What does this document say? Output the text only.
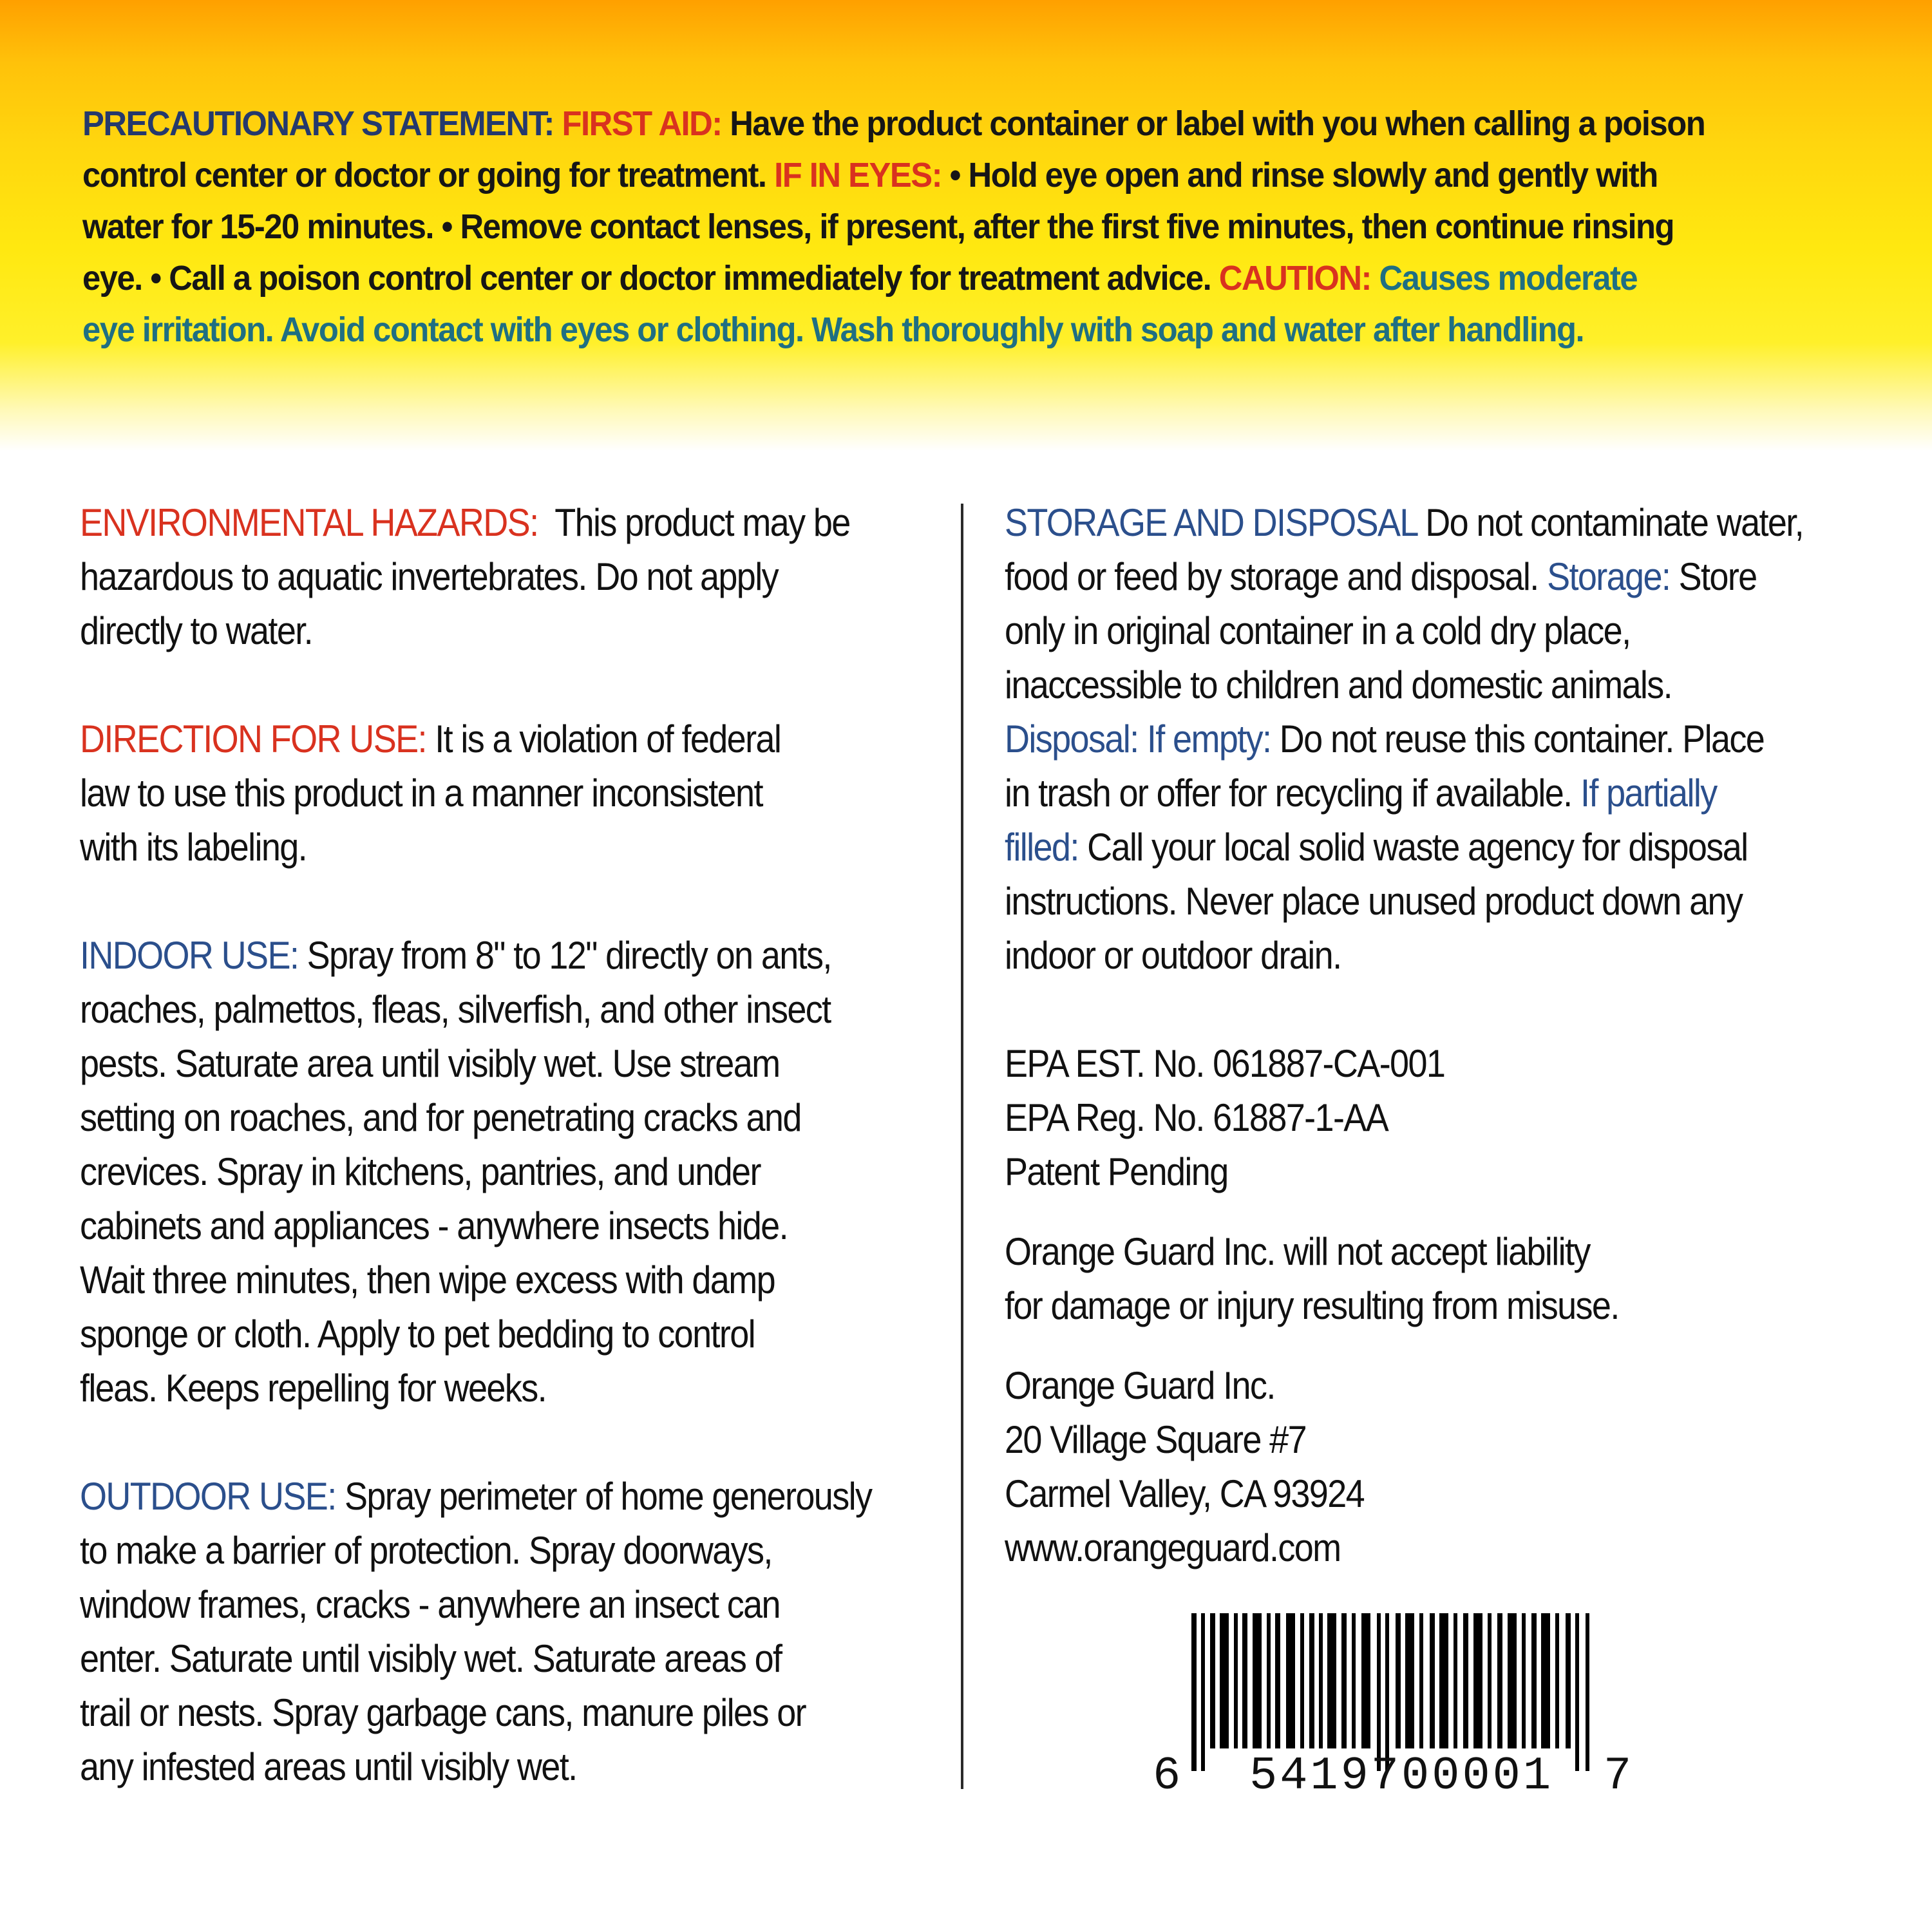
PRECAUTIONARY STATEMENT: FIRST AID: Have the product container or label with you when calling a poison
control center or doctor or going for treatment. IF IN EYES: • Hold eye open and rinse slowly and gently with
water for 15-20 minutes. • Remove contact lenses, if present, after the first five minutes, then continue rinsing
eye. • Call a poison control center or doctor immediately for treatment advice. CAUTION: Causes moderate
eye irritation. Avoid contact with eyes or clothing. Wash thoroughly with soap and water after handling.
ENVIRONMENTAL HAZARDS: This product may be
hazardous to aquatic invertebrates. Do not apply
directly to water.
DIRECTION FOR USE: It is a violation of federal
law to use this product in a manner inconsistent
with its labeling.
INDOOR USE: Spray from 8" to 12" directly on ants,
roaches, palmettos, fleas, silverfish, and other insect
pests. Saturate area until visibly wet. Use stream
setting on roaches, and for penetrating cracks and
crevices. Spray in kitchens, pantries, and under
cabinets and appliances - anywhere insects hide.
Wait three minutes, then wipe excess with damp
sponge or cloth. Apply to pet bedding to control
fleas. Keeps repelling for weeks.
OUTDOOR USE: Spray perimeter of home generously
to make a barrier of protection. Spray doorways,
window frames, cracks - anywhere an insect can
enter. Saturate until visibly wet. Saturate areas of
trail or nests. Spray garbage cans, manure piles or
any infested areas until visibly wet.
STORAGE AND DISPOSAL Do not contaminate water,
food or feed by storage and disposal. Storage: Store
only in original container in a cold dry place,
inaccessible to children and domestic animals.
Disposal: If empty: Do not reuse this container. Place
in trash or offer for recycling if available. If partially
filled: Call your local solid waste agency for disposal
instructions. Never place unused product down any
indoor or outdoor drain.
EPA EST. No. 061887-CA-001
EPA Reg. No. 61887-1-AA
Patent Pending
Orange Guard Inc. will not accept liability
for damage or injury resulting from misuse.
Orange Guard Inc.
20 Village Square #7
Carmel Valley, CA 93924
www.orangeguard.com
6 5419700001 7
